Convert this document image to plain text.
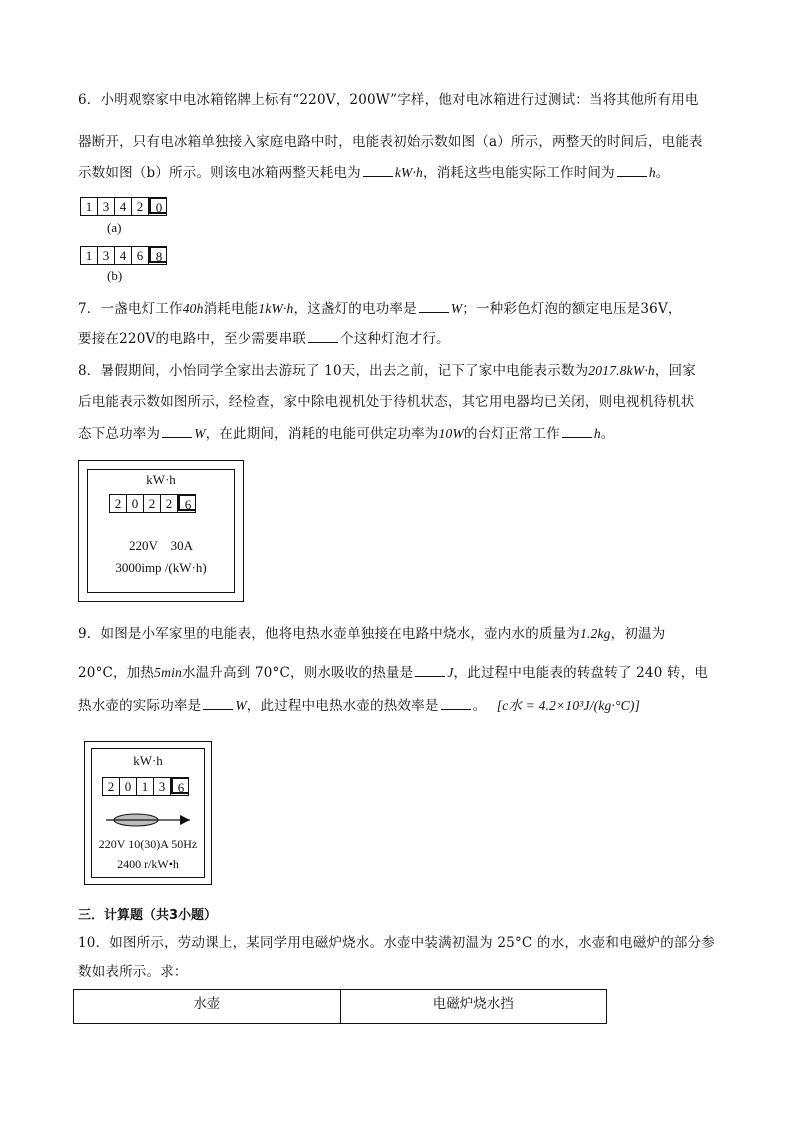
6．小明观察家中电冰箱铭牌上标有“220V，200W”字样，他对电冰箱进行过测试：当将其他所有用电
器断开，只有电冰箱单独接入家庭电路中时，电能表初始示数如图（a）所示，两整天的时间后，电能表
示数如图（b）所示。则该电冰箱两整天耗电为	kW·h，消耗这些电能实际工作时间为	h。
1 3 4 2 0
(a)
1 3 4 6 8
(b)
7．一盏电灯工作40h消耗电能1kW·h，这盏灯的电功率是	W；一种彩色灯泡的额定电压是36V，
要接在220V的电路中，至少需要串联	个这种灯泡才行。
8．暑假期间，小怡同学全家出去游玩了 10天，出去之前，记下了家中电能表示数为2017.8kW·h，回家
后电能表示数如图所示，经检查，家中除电视机处于待机状态，其它用电器均已关闭，则电视机待机状
态下总功率为	W，在此期间，消耗的电能可供定功率为10W的台灯正常工作	h。
kW·h
2 0 2 2 6
220V    30A
3000imp /(kW·h)
9．如图是小军家里的电能表，他将电热水壶单独接在电路中烧水，壶内水的质量为1.2kg，初温为
20°C，加热5min水温升高到 70°C，则水吸收的热量是	J，此过程中电能表的转盘转了 240 转，电
热水壶的实际功率是	W，此过程中电热水壶的热效率是	。 [c水 = 4.2×10³J/(kg·°C)]
kW·h
2 0 1 3 6
220V 10(30)A 50Hz
2400 r/kW•h
三．计算题（共3小题）
10．如图所示，劳动课上，某同学用电磁炉烧水。水壶中装满初温为 25°C 的水，水壶和电磁炉的部分参
数如表所示。求：
水壶	电磁炉烧水挡
